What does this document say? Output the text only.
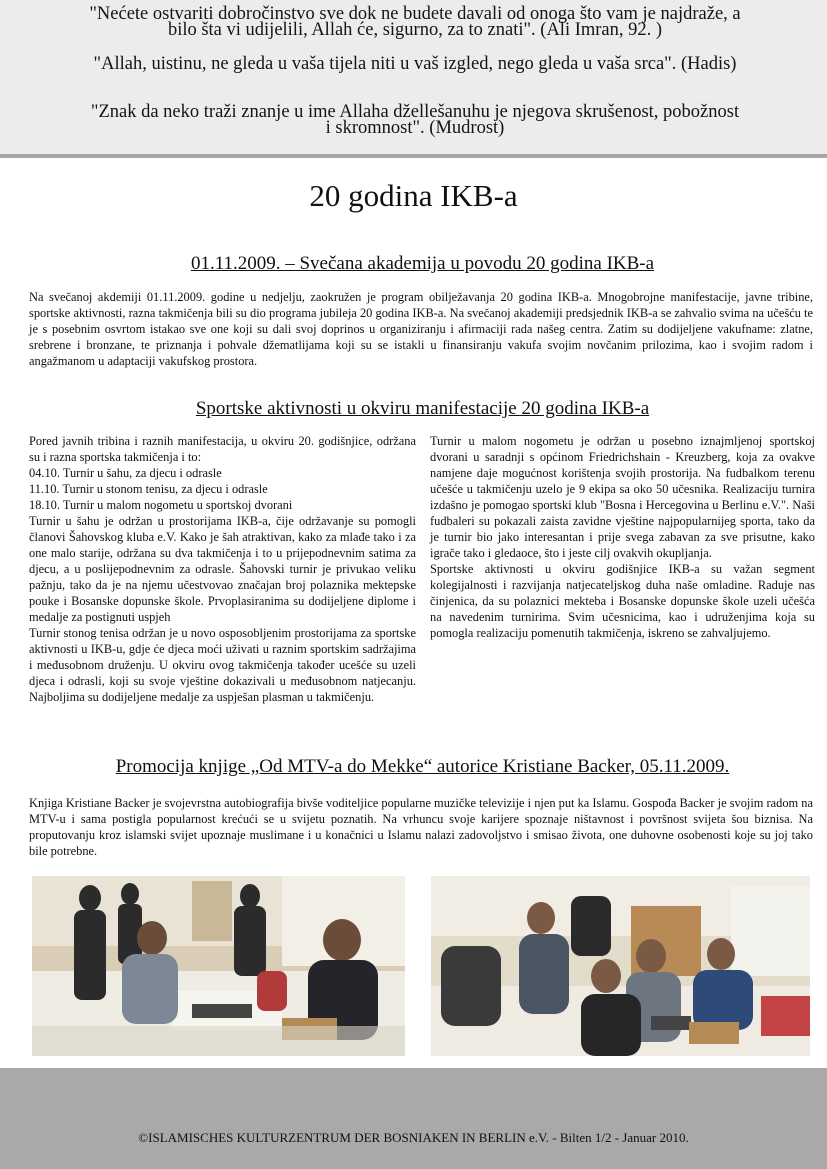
"Nećete ostvariti dobročinstvo sve dok ne budete davali od onoga što vam je najdraže, a
bilo šta vi udijelili, Allah će, sigurno, za to znati". (Ali Imran, 92. )
"Allah, uistinu, ne gleda u vaša tijela niti u vaš izgled, nego gleda u vaša srca". (Hadis)
"Znak da neko traži znanje u ime Allaha džellešanuhu je njegova skrušenost, pobožnost
i skromnost". (Mudrost)
20 godina IKB-a
01.11.2009. – Svečana akademija u povodu 20 godina IKB-a

Na svečanoj akdemiji 01.11.2009. godine u nedjelju, zaokružen je program obilježavanja 20 godina IKB-a. Mnogobrojne manifestacije, javne tribine, sportske aktivnosti, razna takmičenja bili su dio programa jubileja 20 godina IKB-a. Na svečanoj akademiji predsjednik IKB-a se zahvalio svima na učešću te je s posebnim osvrtom istakao sve one koji su dali svoj doprinos u organiziranju i afirmaciji rada našeg centra. Zatim su dodijeljene vakufname: zlatne, srebrene i bronzane, te priznanja i pohvale džematlijama koji su se istakli u finansiranju vakufa svojim novčanim prilozima, kao i svojim radom i angažmanom u adaptaciji vakufskog prostora.

Sportske aktivnosti u okviru manifestacije 20 godina IKB-a
Pored javnih tribina i raznih manifestacija, u okviru 20. godišnjice, održana su i razna sportska takmičenja i to:
04.10. Turnir u šahu, za djecu i odrasle
11.10. Turnir u stonom tenisu, za djecu i odrasle
18.10. Turnir u malom nogometu u sportskoj dvorani
Turnir u šahu je održan u prostorijama IKB-a, čije održavanje su pomogli članovi Šahovskog kluba e.V. Kako je šah atraktivan, kako za mlađe tako i za one malo starije, održana su dva takmičenja i to u prijepodnevnim satima za djecu, a u poslijepodnevnim za odrasle. Šahovski turnir je privukao veliku pažnju, tako da je na njemu učestvovao značajan broj polaznika mektepske pouke i Bosanske dopunske škole. Prvoplasiranima su dodijeljene diplome i medalje za postignuti uspjeh
Turnir stonog tenisa održan je u novo osposobljenim prostorijama za sportske aktivnosti u IKB-u, gdje će djeca moći uživati u raznim sportskim sadržajima i međusobnom druženju. U okviru ovog takmičenja također ucešće su uzeli djeca i odrasli, koji su svoje vještine dokazivali u međusobnom natjecanju. Najboljima su dodijeljene medalje za uspješan plasman u takmičenju.
Turnir u malom nogometu je održan u posebno iznajmljenoj sportskoj dvorani u saradnji s općinom Friedrichshain - Kreuzberg, koja za ovakve namjene daje mogućnost korištenja svojih prostorija. Na fudbalkom terenu učešće u takmičenju uzelo je 9 ekipa sa oko 50 učesnika. Realizaciju turnira izdašno je pomogao sportski klub "Bosna i Hercegovina u Berlinu e.V.". Naši fudbaleri su pokazali zaista zavidne vještine najpopularnijeg sporta, tako da je turnir bio jako interesantan i prije svega zabavan za sve prisutne, kako igrače tako i gledaoce, što i jeste cilj ovakvih okupljanja.
Sportske aktivnosti u okviru godišnjice IKB-a su važan segment kolegijalnosti i razvijanja natjecateljskog duha naše omladine. Raduje nas činjenica, da su polaznici mekteba i Bosanske dopunske škole uzeli učešća na navedenim turnirima. Svim učesnicima, kao i udruženjima koja su pomogla realizaciju pomenutih takmičenja, iskreno se zahvaljujemo.
Promocija knjige „Od MTV-a do Mekke“ autorice Kristiane Backer, 05.11.2009.

Knjiga Kristiane Backer je svojevrstna autobiografija bivše voditeljice popularne muzičke televizije i njen put ka Islamu. Gospođa Backer je svojim radom na MTV-u i sama postigla popularnost krećući se u svijetu poznatih. Na vrhuncu svoje karijere spoznaje ništavnost i površnost svijeta šou biznisa. Na proputovanju kroz islamski svijet upoznaje muslimane i u konačnici u Islamu nalazi zadovoljstvo i smisao života, one duhovne osobenosti koje su joj tako bile potrebne.

©ISLAMISCHES KULTURZENTRUM DER BOSNIAKEN IN BERLIN e.V. - Bilten 1/2 - Januar 2010.
